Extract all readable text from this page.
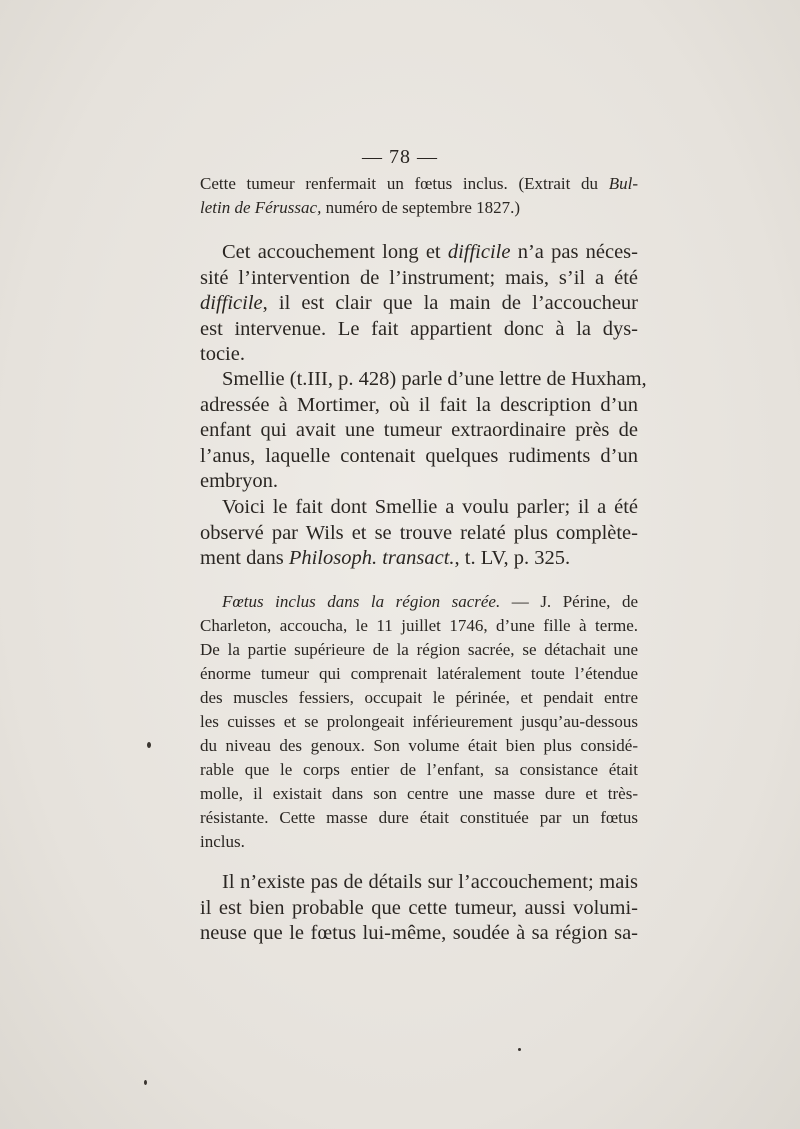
— 78 —
Cette tumeur renfermait un fœtus inclus. (Extrait du Bul-
letin de Férussac, numéro de septembre 1827.)
Cet accouchement long et difficile n’a pas néces-
sité l’intervention de l’instrument; mais, s’il a été
difficile, il est clair que la main de l’accoucheur
est intervenue. Le fait appartient donc à la dys-
tocie.
Smellie (t.III, p. 428) parle d’une lettre de Huxham,
adressée à Mortimer, où il fait la description d’un
enfant qui avait une tumeur extraordinaire près de
l’anus, laquelle contenait quelques rudiments d’un
embryon.
Voici le fait dont Smellie a voulu parler; il a été
observé par Wils et se trouve relaté plus complète-
ment dans Philosoph. transact., t. LV, p. 325.
Fœtus inclus dans la région sacrée. — J. Périne, de
Charleton, accoucha, le 11 juillet 1746, d’une fille à terme.
De la partie supérieure de la région sacrée, se détachait une
énorme tumeur qui comprenait latéralement toute l’étendue
des muscles fessiers, occupait le périnée, et pendait entre
les cuisses et se prolongeait inférieurement jusqu’au-dessous
du niveau des genoux. Son volume était bien plus considé-
rable que le corps entier de l’enfant, sa consistance était
molle, il existait dans son centre une masse dure et très-
résistante. Cette masse dure était constituée par un fœtus
inclus.
Il n’existe pas de détails sur l’accouchement; mais
il est bien probable que cette tumeur, aussi volumi-
neuse que le fœtus lui-même, soudée à sa région sa-
